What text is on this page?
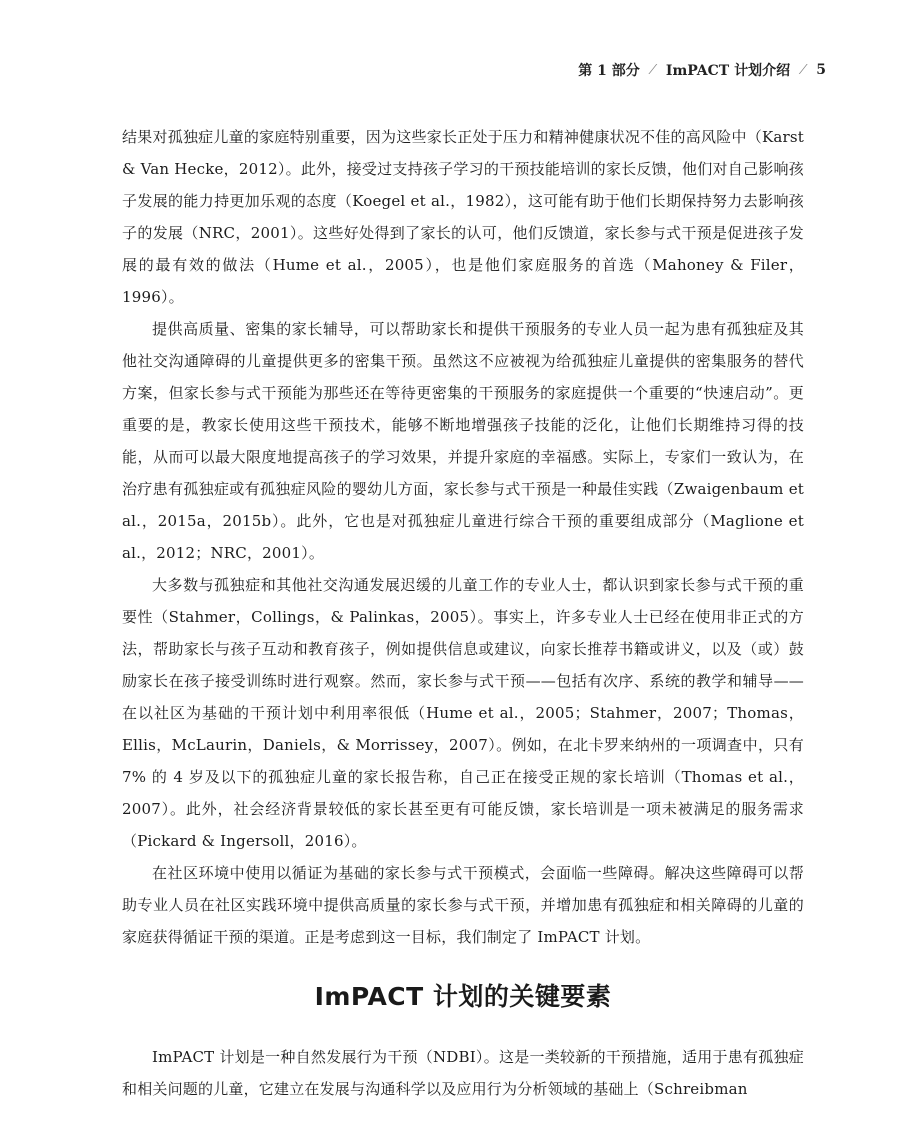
第 1 部分 ⁄ ImPACT 计划介绍 ⁄ 5

结果对孤独症儿童的家庭特别重要，因为这些家长正处于压力和精神健康状况不佳的高风险中（Karst & Van Hecke，2012）。此外，接受过支持孩子学习的干预技能培训的家长反馈，他们对自己影响孩子发展的能力持更加乐观的态度（Koegel et al.，1982），这可能有助于他们长期保持努力去影响孩子的发展（NRC，2001）。这些好处得到了家长的认可，他们反馈道，家长参与式干预是促进孩子发展的最有效的做法（Hume et al.，2005），也是他们家庭服务的首选（Mahoney & Filer，1996）。

提供高质量、密集的家长辅导，可以帮助家长和提供干预服务的专业人员一起为患有孤独症及其他社交沟通障碍的儿童提供更多的密集干预。虽然这不应被视为给孤独症儿童提供的密集服务的替代方案，但家长参与式干预能为那些还在等待更密集的干预服务的家庭提供一个重要的“快速启动”。更重要的是，教家长使用这些干预技术，能够不断地增强孩子技能的泛化，让他们长期维持习得的技能，从而可以最大限度地提高孩子的学习效果，并提升家庭的幸福感。实际上，专家们一致认为，在治疗患有孤独症或有孤独症风险的婴幼儿方面，家长参与式干预是一种最佳实践（Zwaigenbaum et al.，2015a，2015b）。此外，它也是对孤独症儿童进行综合干预的重要组成部分（Maglione et al.，2012；NRC，2001）。

大多数与孤独症和其他社交沟通发展迟缓的儿童工作的专业人士，都认识到家长参与式干预的重要性（Stahmer，Collings，& Palinkas，2005）。事实上，许多专业人士已经在使用非正式的方法，帮助家长与孩子互动和教育孩子，例如提供信息或建议，向家长推荐书籍或讲义，以及（或）鼓励家长在孩子接受训练时进行观察。然而，家长参与式干预——包括有次序、系统的教学和辅导——在以社区为基础的干预计划中利用率很低（Hume et al.，2005；Stahmer，2007；Thomas，Ellis，McLaurin，Daniels，& Morrissey，2007）。例如，在北卡罗来纳州的一项调查中，只有 7% 的 4 岁及以下的孤独症儿童的家长报告称，自己正在接受正规的家长培训（Thomas et al.，2007）。此外，社会经济背景较低的家长甚至更有可能反馈，家长培训是一项未被满足的服务需求（Pickard & Ingersoll，2016）。

在社区环境中使用以循证为基础的家长参与式干预模式，会面临一些障碍。解决这些障碍可以帮助专业人员在社区实践环境中提供高质量的家长参与式干预，并增加患有孤独症和相关障碍的儿童的家庭获得循证干预的渠道。正是考虑到这一目标，我们制定了 ImPACT 计划。

ImPACT 计划的关键要素

ImPACT 计划是一种自然发展行为干预（NDBI）。这是一类较新的干预措施，适用于患有孤独症和相关问题的儿童，它建立在发展与沟通科学以及应用行为分析领域的基础上（Schreibman
